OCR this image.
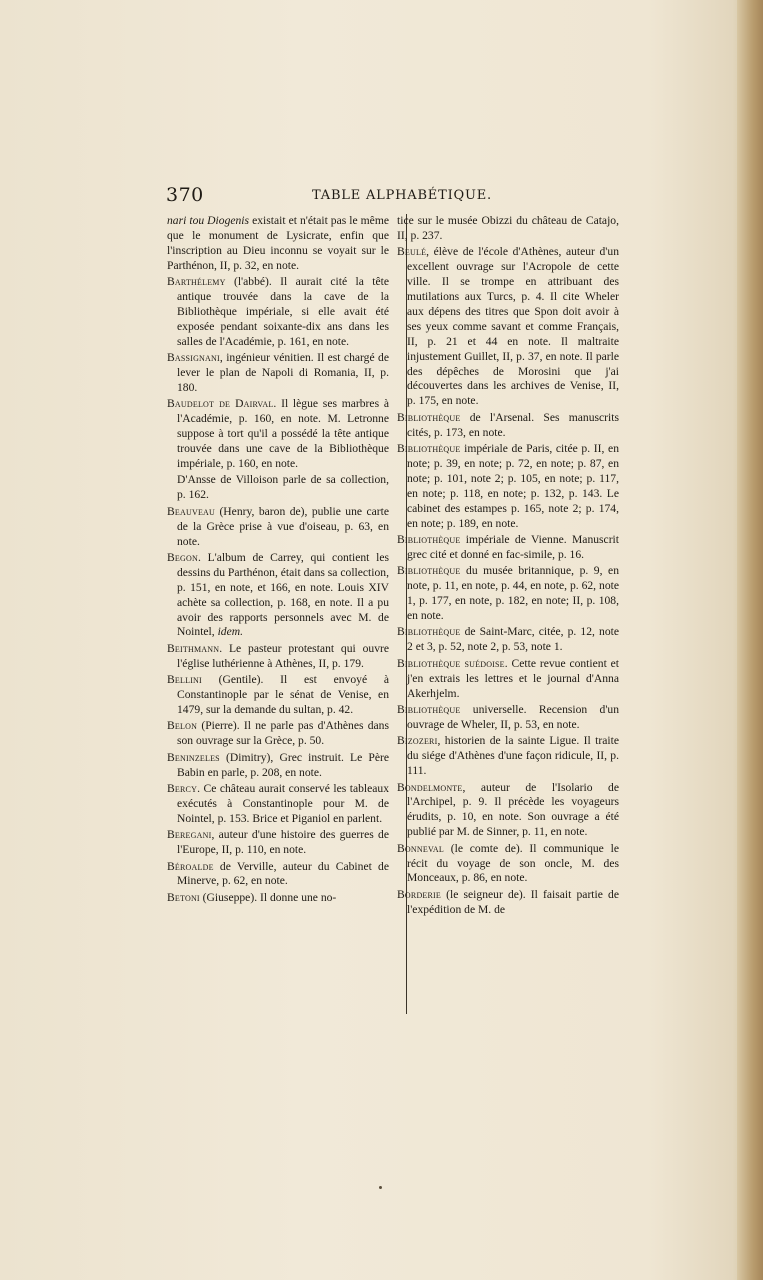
370	TABLE ALPHABÉTIQUE.

nari tou Diogenis existait et n'était pas le même que le monument de Lysicrate, enfin que l'inscription au Dieu inconnu se voyait sur le Parthénon, II, p. 32, en note.

Barthélemy (l'abbé). Il aurait cité la tête antique trouvée dans la cave de la Bibliothèque impériale, si elle avait été exposée pendant soixante-dix ans dans les salles de l'Académie, p. 161, en note.

Bassignani, ingénieur vénitien. Il est chargé de lever le plan de Napoli di Romania, II, p. 180.

Baudelot de Dairval. Il lègue ses marbres à l'Académie, p. 160, en note. M. Letronne suppose à tort qu'il a possédé la tête antique trouvée dans une cave de la Bibliothèque impériale, p. 160, en note.

D'Ansse de Villoison parle de sa collection, p. 162.

Beauveau (Henry, baron de), publie une carte de la Grèce prise à vue d'oiseau, p. 63, en note.

Begon. L'album de Carrey, qui contient les dessins du Parthénon, était dans sa collection, p. 151, en note, et 166, en note. Louis XIV achète sa collection, p. 168, en note. Il a pu avoir des rapports personnels avec M. de Nointel, idem.

Beithmann. Le pasteur protestant qui ouvre l'église luthérienne à Athènes, II, p. 179.

Bellini (Gentile). Il est envoyé à Constantinople par le sénat de Venise, en 1479, sur la demande du sultan, p. 42.

Belon (Pierre). Il ne parle pas d'Athènes dans son ouvrage sur la Grèce, p. 50.

Beninzeles (Dimitry), Grec instruit. Le Père Babin en parle, p. 208, en note.

Bercy. Ce château aurait conservé les tableaux exécutés à Constantinople pour M. de Nointel, p. 153. Brice et Piganiol en parlent.

Beregani, auteur d'une histoire des guerres de l'Europe, II, p. 110, en note.

Béroalde de Verville, auteur du Cabinet de Minerve, p. 62, en note.

Betoni (Giuseppe). Il donne une no-

tice sur le musée Obizzi du château de Catajo, II, p. 237.

Beulé, élève de l'école d'Athènes, auteur d'un excellent ouvrage sur l'Acropole de cette ville. Il se trompe en attribuant des mutilations aux Turcs, p. 4. Il cite Wheler aux dépens des titres que Spon doit avoir à ses yeux comme savant et comme Français, II, p. 21 et 44 en note. Il maltraite injustement Guillet, II, p. 37, en note. Il parle des dépêches de Morosini que j'ai découvertes dans les archives de Venise, II, p. 175, en note.

Bibliothèque de l'Arsenal. Ses manuscrits cités, p. 173, en note.

Bibliothèque impériale de Paris, citée p. II, en note; p. 39, en note; p. 72, en note; p. 87, en note; p. 101, note 2; p. 105, en note; p. 117, en note; p. 118, en note; p. 132, p. 143. Le cabinet des estampes p. 165, note 2; p. 174, en note; p. 189, en note.

Bibliothèque impériale de Vienne. Manuscrit grec cité et donné en fac-simile, p. 16.

Bibliothèque du musée britannique, p. 9, en note, p. 11, en note, p. 44, en note, p. 62, note 1, p. 177, en note, p. 182, en note; II, p. 108, en note.

Bibliothèque de Saint-Marc, citée, p. 12, note 2 et 3, p. 52, note 2, p. 53, note 1.

Bibliothèque suédoise. Cette revue contient et j'en extrais les lettres et le journal d'Anna Akerhjelm.

Bibliothèque universelle. Recension d'un ouvrage de Wheler, II, p. 53, en note.

Bizozeri, historien de la sainte Ligue. Il traite du siége d'Athènes d'une façon ridicule, II, p. 111.

Bondelmonte, auteur de l'Isolario de l'Archipel, p. 9. Il précède les voyageurs érudits, p. 10, en note. Son ouvrage a été publié par M. de Sinner, p. 11, en note.

Bonneval (le comte de). Il communique le récit du voyage de son oncle, M. des Monceaux, p. 86, en note.

Borderie (le seigneur de). Il faisait partie de l'expédition de M. de
